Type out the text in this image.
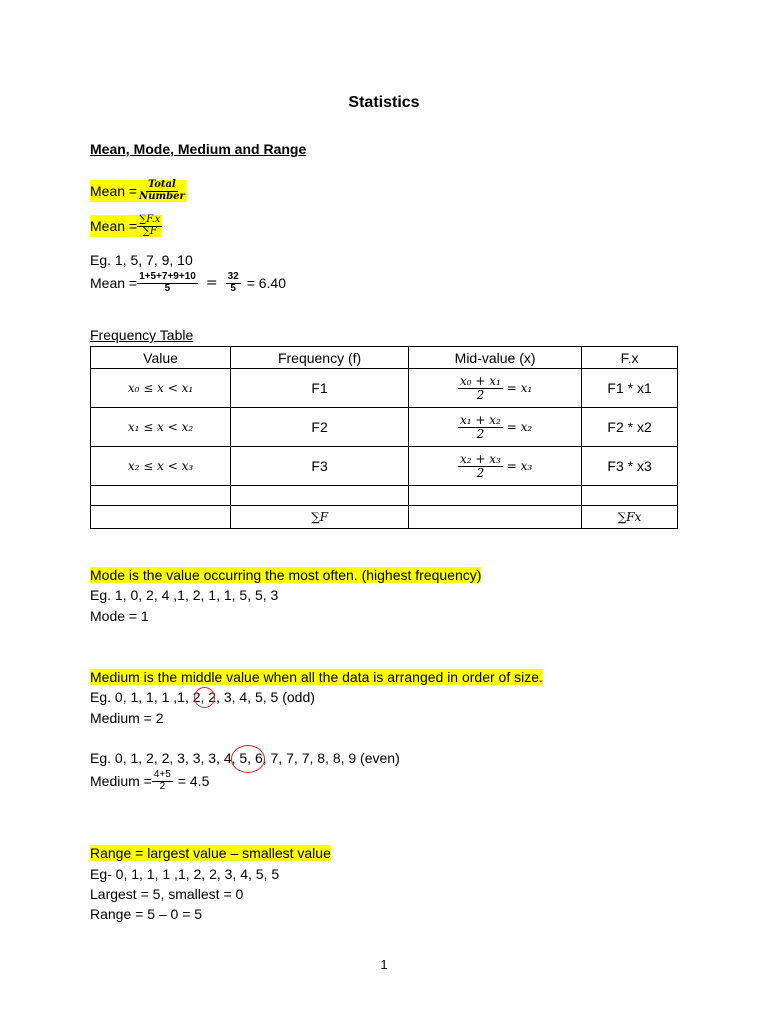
Statistics
Mean, Mode, Medium and Range
Mean = $\frac{\text{Total}}{\text{Number}}$
Mean = $\frac{\sum F.x}{\sum F}$
Eg. 1, 5, 7, 9, 10
Mean = $\frac{1+5+7+9+10}{5} = \frac{32}{5} = 6.40$
Frequency Table
Value	Frequency (f)	Mid-value (x)	F.x
x₀ ≤ x < x₁	F1	$\frac{\text{x₀ + x₁}}{2} = x_1$	F1 * x1
x₁ ≤ x < x₂	F2	$\frac{\text{x₁ + x₂}}{2} = x_2$	F2 * x2
x₂ ≤ x < x₃	F3	$\frac{\text{x₂ + x₃}}{2} = x_3$	F3 * x3

	∑F		∑Fx
Mode is the value occurring the most often. (highest frequency)
Eg. 1, 0, 2, 4 ,1, 2, 1, 1, 5, 5, 3
Mode = 1
Medium is the middle value when all the data is arranged in order of size.
Eg. 0, 1, 1, 1 ,1, 2, 2, 3, 4, 5, 5 (odd)
Medium = 2
Eg. 0, 1, 2, 2, 3, 3, 3, 4, 5, 6, 7, 7, 7, 8, 8, 9 (even)
Medium = $\frac{4+5}{2} = 4.5$
Range = largest value – smallest value
Eg- 0, 1, 1, 1 ,1, 2, 2, 3, 4, 5, 5
Largest = 5, smallest = 0
Range = 5 – 0 = 5
1
